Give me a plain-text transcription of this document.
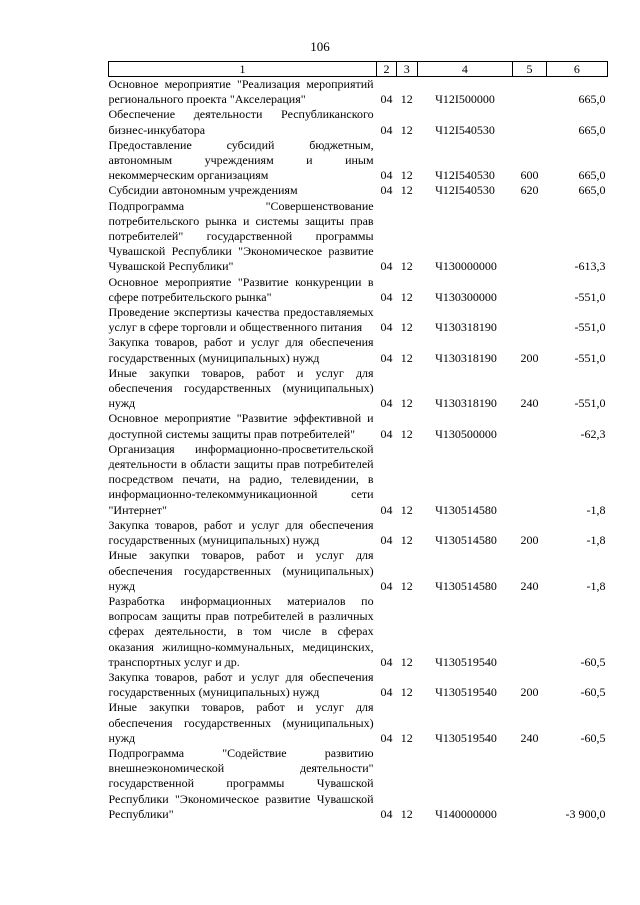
106
1	2	3	4	5	6
Основное мероприятие "Реализация мероприятий регионального проекта "Акселерация"	04	12	Ч12I500000		665,0
Обеспечение деятельности Республиканского бизнес-инкубатора	04	12	Ч12I540530		665,0
Предоставление субсидий бюджетным, автономным учреждениям и иным некоммерческим организациям	04	12	Ч12I540530	600	665,0
Субсидии автономным учреждениям	04	12	Ч12I540530	620	665,0
Подпрограмма "Совершенствование потребительского рынка и системы защиты прав потребителей" государственной программы Чувашской Республики "Экономическое развитие Чувашской Республики"	04	12	Ч130000000		-613,3
Основное мероприятие "Развитие конкуренции в сфере потребительского рынка"	04	12	Ч130300000		-551,0
Проведение экспертизы качества предоставляемых услуг в сфере торговли и общественного питания	04	12	Ч130318190		-551,0
Закупка товаров, работ и услуг для обеспечения государственных (муниципальных) нужд	04	12	Ч130318190	200	-551,0
Иные закупки товаров, работ и услуг для обеспечения государственных (муниципальных) нужд	04	12	Ч130318190	240	-551,0
Основное мероприятие "Развитие эффективной и доступной системы защиты прав потребителей"	04	12	Ч130500000		-62,3
Организация информационно-просветительской деятельности в области защиты прав потребителей посредством печати, на радио, телевидении, в информационно-телекоммуникационной сети "Интернет"	04	12	Ч130514580		-1,8
Закупка товаров, работ и услуг для обеспечения государственных (муниципальных) нужд	04	12	Ч130514580	200	-1,8
Иные закупки товаров, работ и услуг для обеспечения государственных (муниципальных) нужд	04	12	Ч130514580	240	-1,8
Разработка информационных материалов по вопросам защиты прав потребителей в различных сферах деятельности, в том числе в сферах оказания жилищно-коммунальных, медицинских, транспортных услуг и др.	04	12	Ч130519540		-60,5
Закупка товаров, работ и услуг для обеспечения государственных (муниципальных) нужд	04	12	Ч130519540	200	-60,5
Иные закупки товаров, работ и услуг для обеспечения государственных (муниципальных) нужд	04	12	Ч130519540	240	-60,5
Подпрограмма "Содействие развитию внешнеэкономической деятельности" государственной программы Чувашской Республики "Экономическое развитие Чувашской Республики"	04	12	Ч140000000		-3 900,0
